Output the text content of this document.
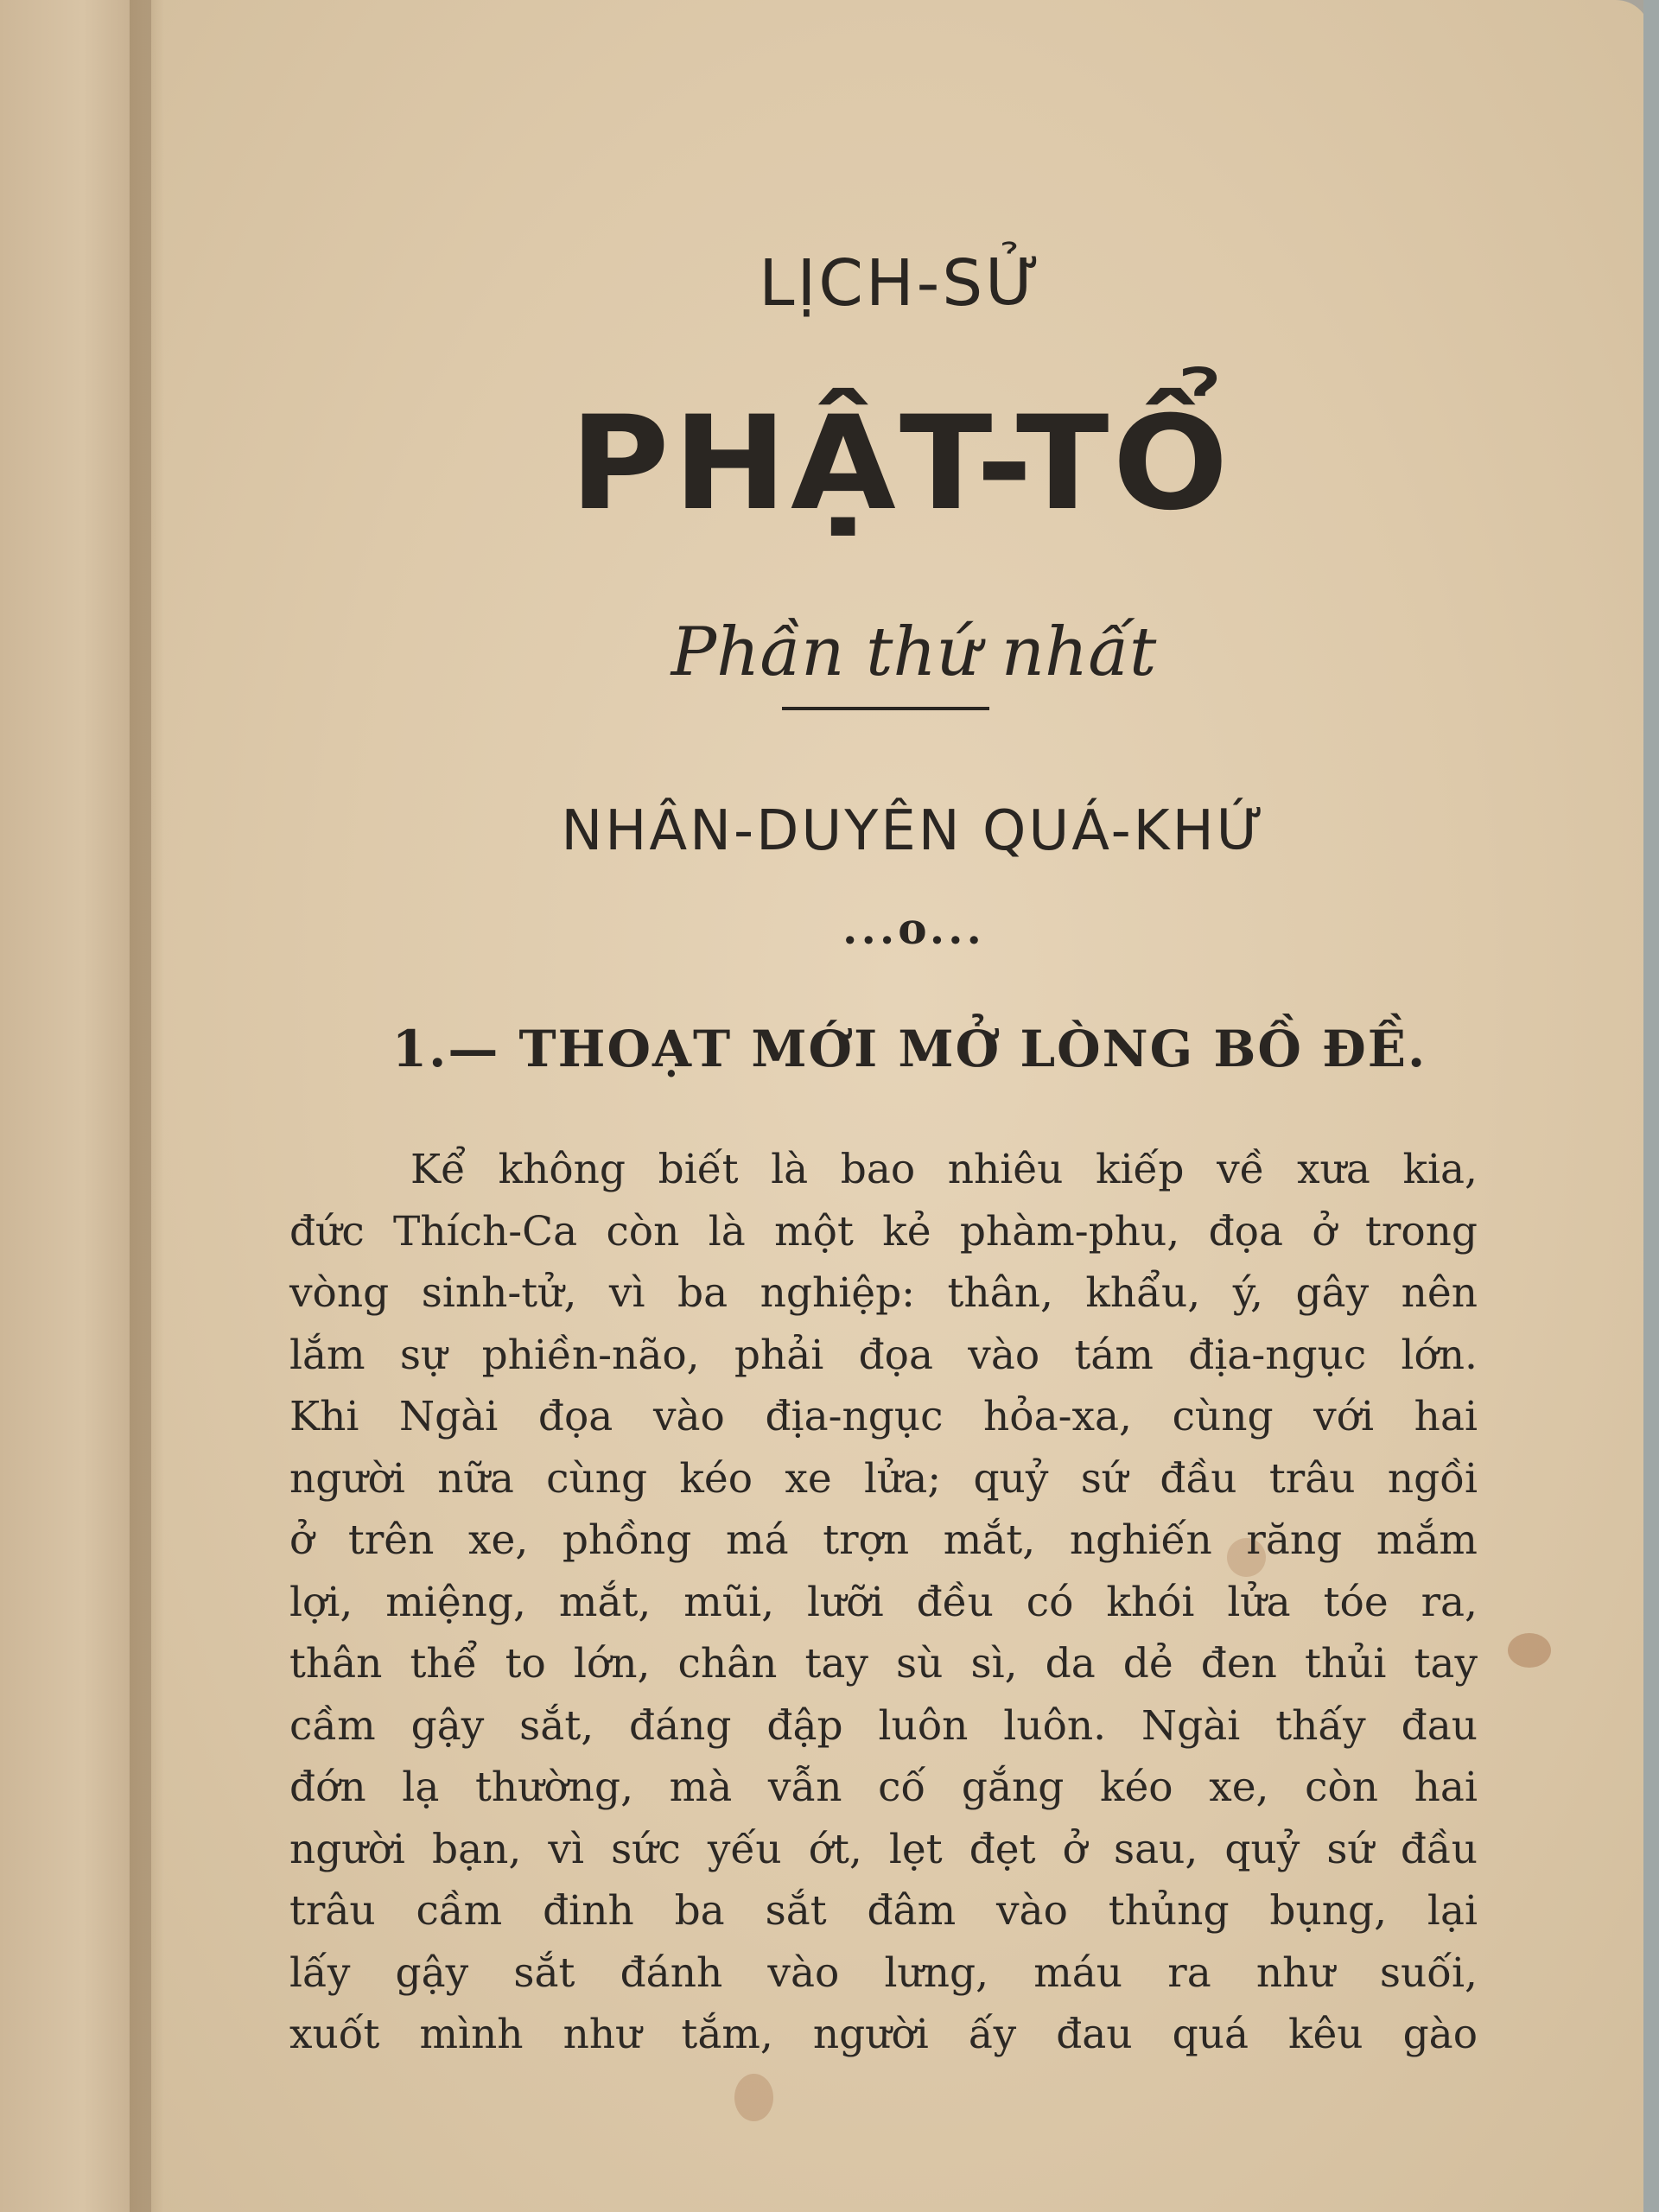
LỊCH-SỬ
PHẬT-TỔ
Phần thứ nhất
NHÂN-DUYÊN QUÁ-KHỨ
...o...
1.— THOẠT MỚI MỞ LÒNG BỒ ĐỀ.
Kể không biết là bao nhiêu kiếp về xưa kia,
đức Thích-Ca còn là một kẻ phàm-phu, đọa ở trong
vòng sinh-tử, vì ba nghiệp: thân, khẩu, ý, gây nên
lắm sự phiền-não, phải đọa vào tám địa-ngục lớn.
Khi Ngài đọa vào địa-ngục hỏa-xa, cùng với hai
người nữa cùng kéo xe lửa; quỷ sứ đầu trâu ngồi
ở trên xe, phồng má trợn mắt, nghiến răng mắm
lợi, miệng, mắt, mũi, lưỡi đều có khói lửa tóe ra,
thân thể to lớn, chân tay sù sì, da dẻ đen thủi tay
cầm gậy sắt, đáng đập luôn luôn. Ngài thấy đau
đớn lạ thường, mà vẫn cố gắng kéo xe, còn hai
người bạn, vì sức yếu ớt, lẹt đẹt ở sau, quỷ sứ đầu
trâu cầm đinh ba sắt đâm vào thủng bụng, lại
lấy gậy sắt đánh vào lưng, máu ra như suối,
xuốt mình như tắm, người ấy đau quá kêu gào
